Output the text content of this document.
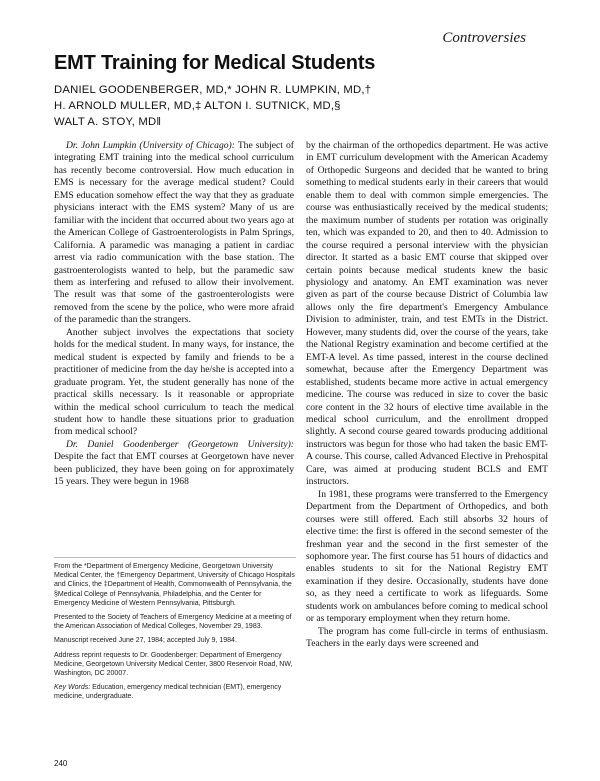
Controversies
EMT Training for Medical Students
DANIEL GOODENBERGER, MD,* JOHN R. LUMPKIN, MD,†
H. ARNOLD MULLER, MD,‡ ALTON I. SUTNICK, MD,§
WALT A. STOY, MD‖

Dr. John Lumpkin (University of Chicago): The subject of integrating EMT training into the medical school curriculum has recently become controversial. How much education in EMS is necessary for the average medical student? Could EMS education somehow effect the way that they as graduate physicians interact with the EMS system? Many of us are familiar with the incident that occurred about two years ago at the American College of Gastroenterologists in Palm Springs, California. A paramedic was managing a patient in cardiac arrest via radio communication with the base station. The gastroenterologists wanted to help, but the paramedic saw them as interfering and refused to allow their involvement. The result was that some of the gastroenterologists were removed from the scene by the police, who were more afraid of the paramedic than the strangers.

Another subject involves the expectations that society holds for the medical student. In many ways, for instance, the medical student is expected by family and friends to be a practitioner of medicine from the day he/she is accepted into a graduate program. Yet, the student generally has none of the practical skills necessary. Is it reasonable or appropriate within the medical school curriculum to teach the medical student how to handle these situations prior to graduation from medical school?

Dr. Daniel Goodenberger (Georgetown University): Despite the fact that EMT courses at Georgetown have never been publicized, they have been going on for approximately 15 years. They were begun in 1968

by the chairman of the orthopedics department. He was active in EMT curriculum development with the American Academy of Orthopedic Surgeons and decided that he wanted to bring something to medical students early in their careers that would enable them to deal with common simple emergencies. The course was enthusiastically received by the medical students; the maximum number of students per rotation was originally ten, which was expanded to 20, and then to 40. Admission to the course required a personal interview with the physician director. It started as a basic EMT course that skipped over certain points because medical students knew the basic physiology and anatomy. An EMT examination was never given as part of the course because District of Columbia law allows only the fire department's Emergency Ambulance Division to administer, train, and test EMTs in the District. However, many students did, over the course of the years, take the National Registry examination and become certified at the EMT-A level. As time passed, interest in the course declined somewhat, because after the Emergency Department was established, students became more active in actual emergency medicine. The course was reduced in size to cover the basic core content in the 32 hours of elective time available in the medical school curriculum, and the enrollment dropped slightly. A second course geared towards producing additional instructors was begun for those who had taken the basic EMT-A course. This course, called Advanced Elective in Prehospital Care, was aimed at producing student BCLS and EMT instructors.

In 1981, these programs were transferred to the Emergency Department from the Department of Orthopedics, and both courses were still offered. Each still absorbs 32 hours of elective time: the first is offered in the second semester of the freshman year and the second in the first semester of the sophomore year. The first course has 51 hours of didactics and enables students to sit for the National Registry EMT examination if they desire. Occasionally, students have done so, as they need a certificate to work as lifeguards. Some students work on ambulances before coming to medical school or as temporary employment when they return home.

The program has come full-circle in terms of enthusiasm. Teachers in the early days were screened and

From the *Department of Emergency Medicine, Georgetown University Medical Center, the †Emergency Department, University of Chicago Hospitals and Clinics, the ‡Department of Health, Commonwealth of Pennsylvania, the §Medical College of Pennsylvania, Philadelphia, and the Center for Emergency Medicine of Western Pennsylvania, Pittsburgh.

Presented to the Society of Teachers of Emergency Medicine at a meeting of the American Association of Medical Colleges, November 29, 1983.

Manuscript received June 27, 1984; accepted July 9, 1984.

Address reprint requests to Dr. Goodenberger: Department of Emergency Medicine, Georgetown University Medical Center, 3800 Reservoir Road, NW, Washington, DC 20007.

Key Words: Education, emergency medical technician (EMT), emergency medicine, undergraduate.

240
